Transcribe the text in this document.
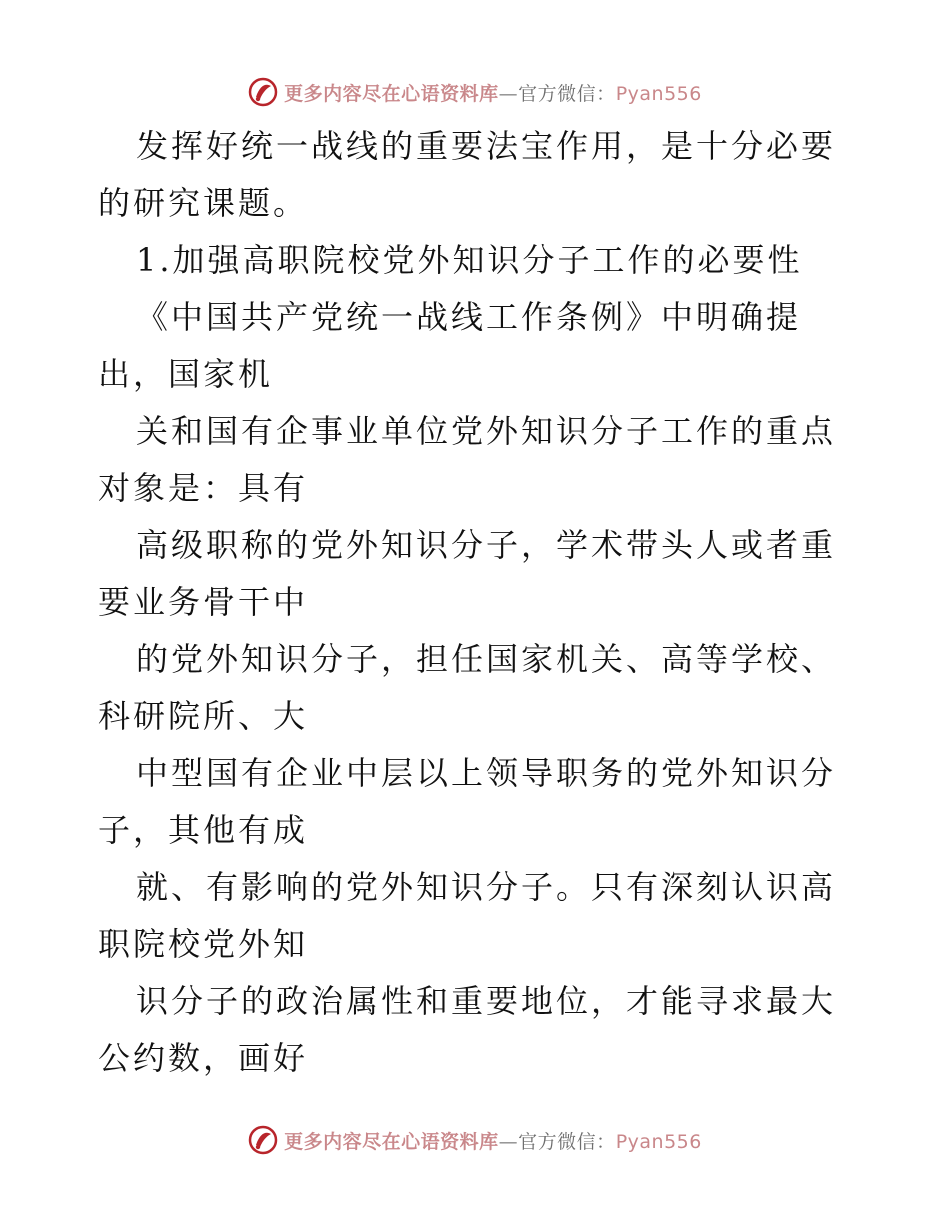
更多内容尽在心语资料库—官方微信：Pyan556

发挥好统一战线的重要法宝作用，是十分必要的研究课题。

1.加强高职院校党外知识分子工作的必要性

《中国共产党统一战线工作条例》中明确提出，国家机

关和国有企事业单位党外知识分子工作的重点对象是：具有

高级职称的党外知识分子，学术带头人或者重要业务骨干中

的党外知识分子，担任国家机关、高等学校、科研院所、大

中型国有企业中层以上领导职务的党外知识分子，其他有成

就、有影响的党外知识分子。只有深刻认识高职院校党外知

识分子的政治属性和重要地位，才能寻求最大公约数，画好

更多内容尽在心语资料库—官方微信：Pyan556
